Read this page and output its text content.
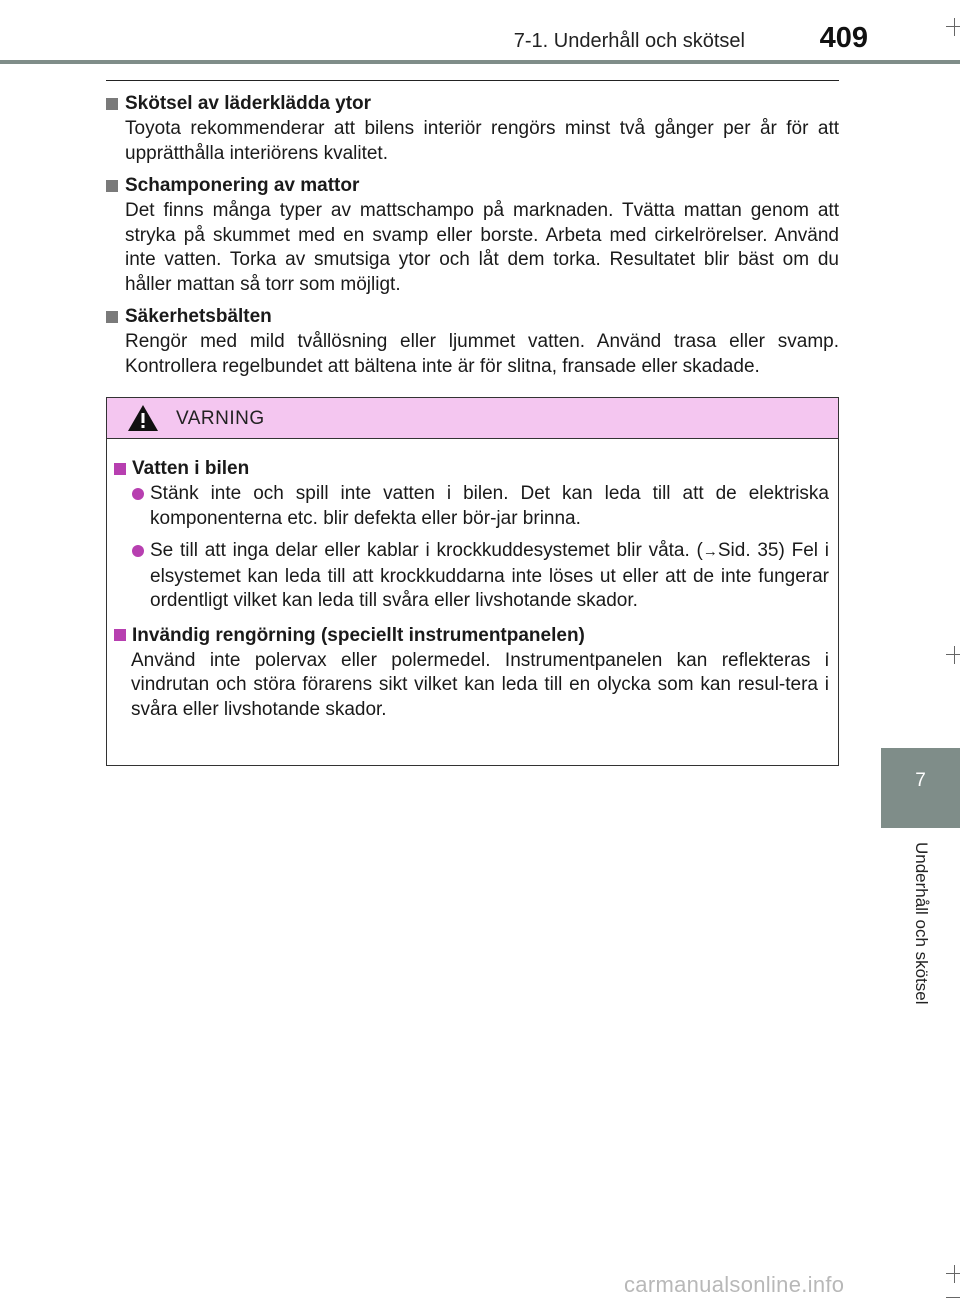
7-1. Underhåll och skötsel	409
Skötsel av läderklädda ytor
Toyota rekommenderar att bilens interiör rengörs minst två gånger per år för att upprätthålla interiörens kvalitet.
Schamponering av mattor
Det finns många typer av mattschampo på marknaden. Tvätta mattan genom att stryka på skummet med en svamp eller borste. Arbeta med cirkelrörelser. Använd inte vatten. Torka av smutsiga ytor och låt dem torka. Resultatet blir bäst om du håller mattan så torr som möjligt.
Säkerhetsbälten
Rengör med mild tvållösning eller ljummet vatten. Använd trasa eller svamp. Kontrollera regelbundet att bältena inte är för slitna, fransade eller skadade.
VARNING
Vatten i bilen
Stänk inte och spill inte vatten i bilen. Det kan leda till att de elektriska komponenterna etc. blir defekta eller bör-jar brinna.
Se till att inga delar eller kablar i krockkuddesystemet blir våta. (→Sid. 35) Fel i elsystemet kan leda till att krockkuddarna inte löses ut eller att de inte fungerar ordentligt vilket kan leda till svåra eller livshotande skador.
Invändig rengörning (speciellt instrumentpanelen)
Använd inte polervax eller polermedel. Instrumentpanelen kan reflekteras i vindrutan och störa förarens sikt vilket kan leda till en olycka som kan resul-tera i svåra eller livshotande skador.
7
Underhåll och skötsel
carmanualsonline.info
